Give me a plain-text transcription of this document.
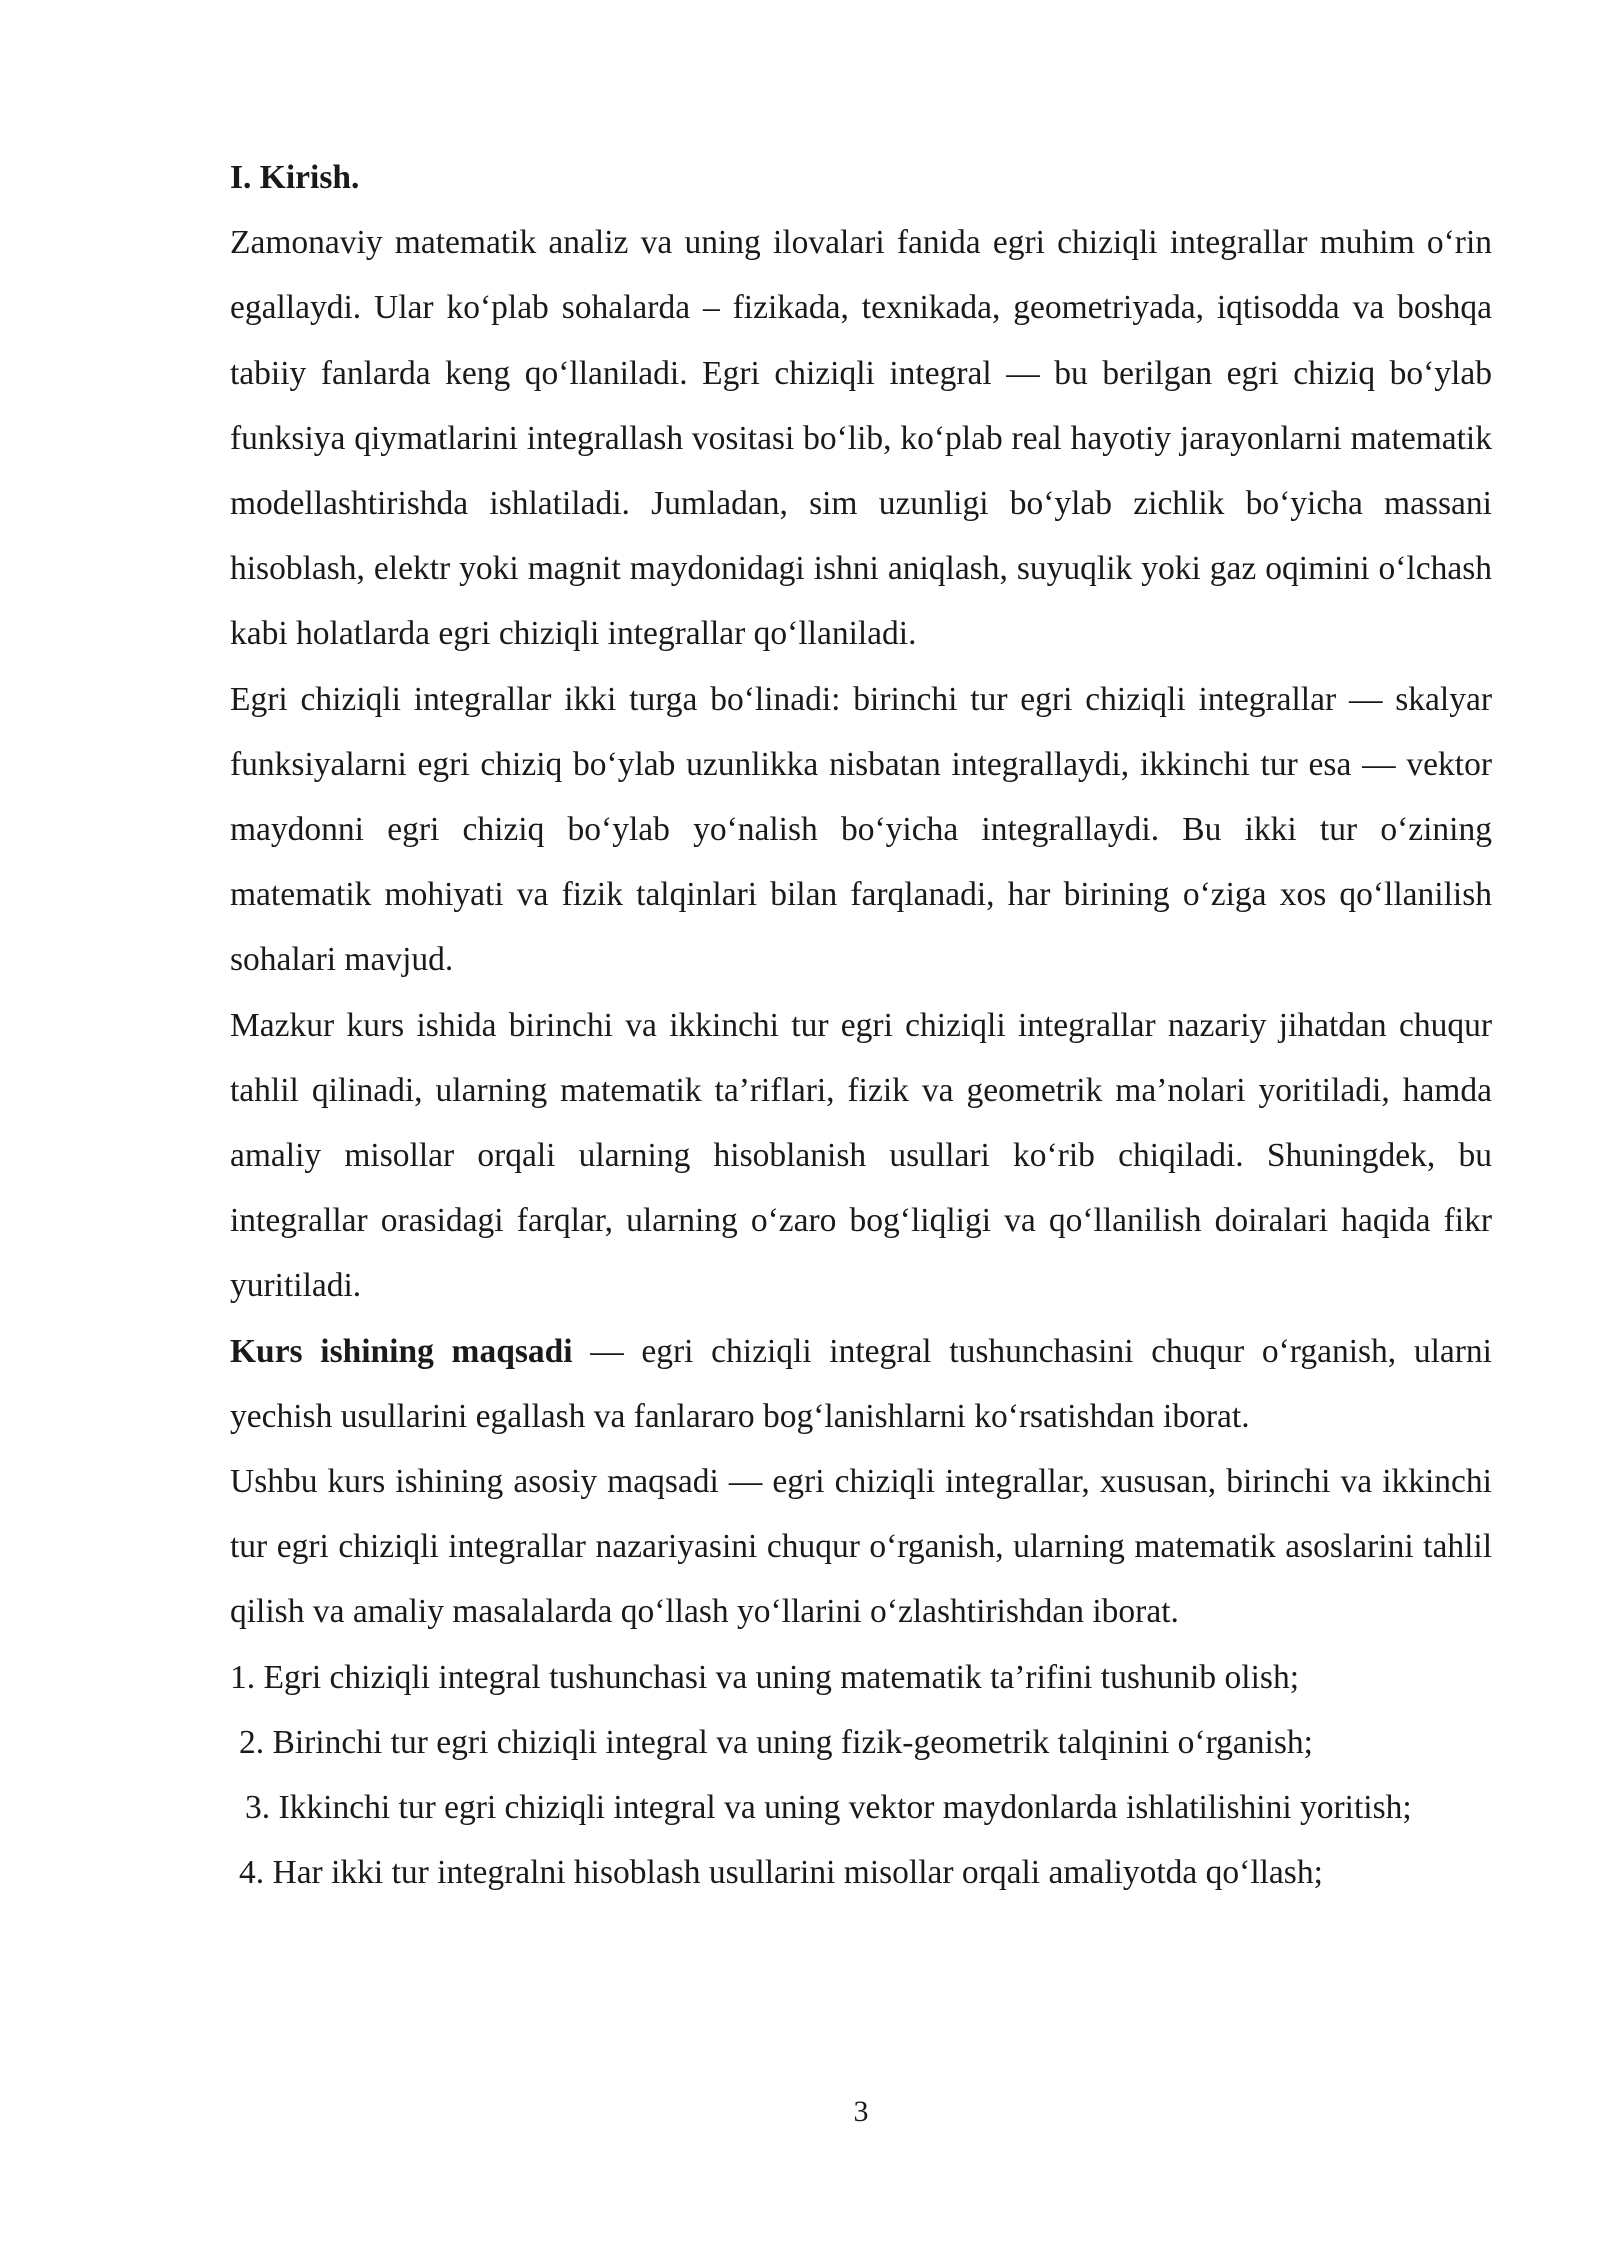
I. Kirish.

Zamonaviy matematik analiz va uning ilovalari fanida egri chiziqli integrallar muhim o‘rin egallaydi. Ular ko‘plab sohalarda – fizikada, texnikada, geometriyada, iqtisodda va boshqa tabiiy fanlarda keng qo‘llaniladi. Egri chiziqli integral — bu berilgan egri chiziq bo‘ylab funksiya qiymatlarini integrallash vositasi bo‘lib, ko‘plab real hayotiy jarayonlarni matematik modellashtirishda ishlatiladi. Jumladan, sim uzunligi bo‘ylab zichlik bo‘yicha massani hisoblash, elektr yoki magnit maydonidagi ishni aniqlash, suyuqlik yoki gaz oqimini o‘lchash kabi holatlarda egri chiziqli integrallar qo‘llaniladi.

Egri chiziqli integrallar ikki turga bo‘linadi: birinchi tur egri chiziqli integrallar — skalyar funksiyalarni egri chiziq bo‘ylab uzunlikka nisbatan integrallaydi, ikkinchi tur esa — vektor maydonni egri chiziq bo‘ylab yo‘nalish bo‘yicha integrallaydi. Bu ikki tur o‘zining matematik mohiyati va fizik talqinlari bilan farqlanadi, har birining o‘ziga xos qo‘llanilish sohalari mavjud.

Mazkur kurs ishida birinchi va ikkinchi tur egri chiziqli integrallar nazariy jihatdan chuqur tahlil qilinadi, ularning matematik ta’riflari, fizik va geometrik ma’nolari yoritiladi, hamda amaliy misollar orqali ularning hisoblanish usullari ko‘rib chiqiladi. Shuningdek, bu integrallar orasidagi farqlar, ularning o‘zaro bog‘liqligi va qo‘llanilish doiralari haqida fikr yuritiladi.

Kurs ishining maqsadi — egri chiziqli integral tushunchasini chuqur o‘rganish, ularni yechish usullarini egallash va fanlararo bog‘lanishlarni ko‘rsatishdan iborat.

Ushbu kurs ishining asosiy maqsadi — egri chiziqli integrallar, xususan, birinchi va ikkinchi tur egri chiziqli integrallar nazariyasini chuqur o‘rganish, ularning matematik asoslarini tahlil qilish va amaliy masalalarda qo‘llash yo‘llarini o‘zlashtirishdan iborat.

1. Egri chiziqli integral tushunchasi va uning matematik ta’rifini tushunib olish;

2. Birinchi tur egri chiziqli integral va uning fizik-geometrik talqinini o‘rganish;

3. Ikkinchi tur egri chiziqli integral va uning vektor maydonlarda ishlatilishini yoritish;

4. Har ikki tur integralni hisoblash usullarini misollar orqali amaliyotda qo‘llash;

3
